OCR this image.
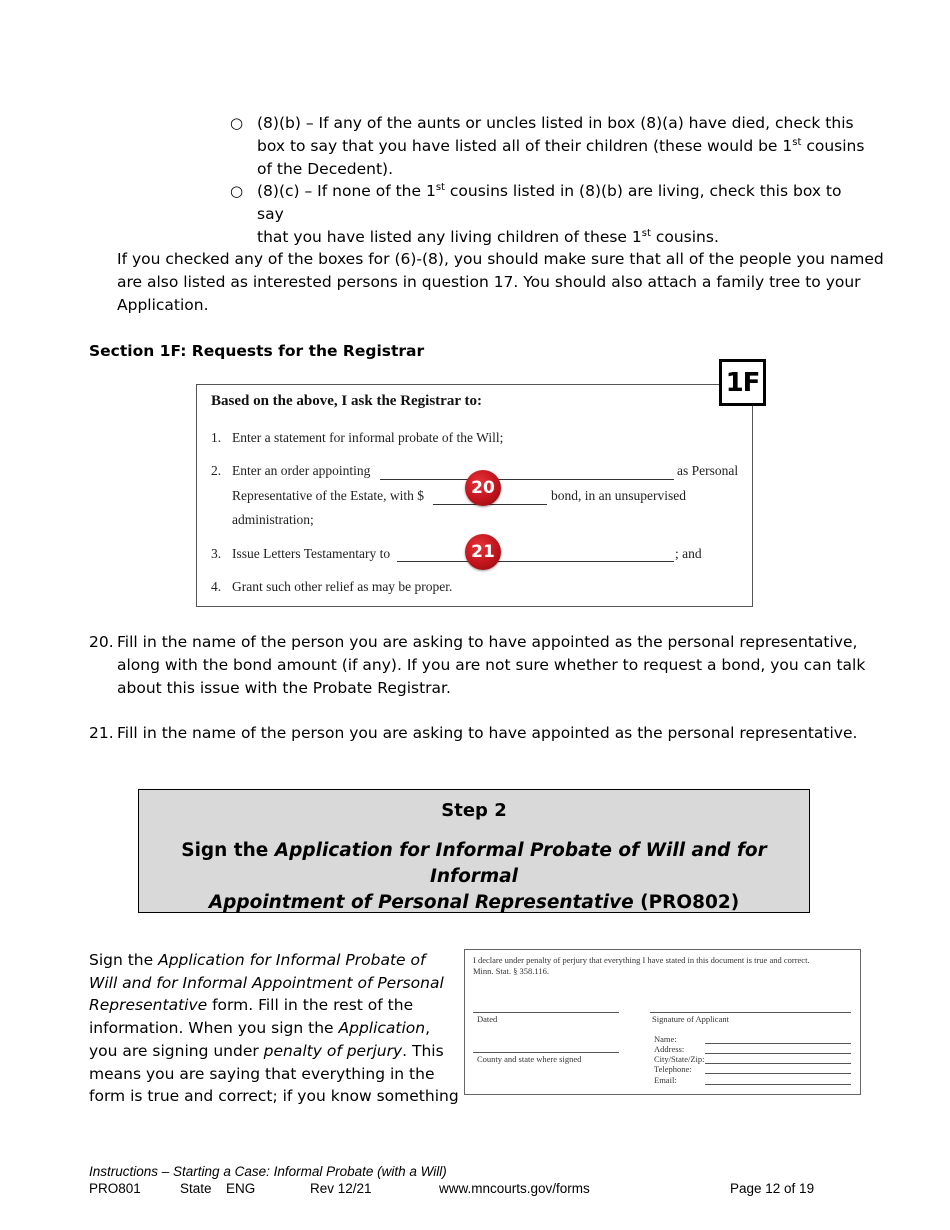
○ (8)(b) – If any of the aunts or uncles listed in box (8)(a) have died, check this
box to say that you have listed all of their children (these would be 1st cousins
of the Decedent).
○ (8)(c) – If none of the 1st cousins listed in (8)(b) are living, check this box to say
that you have listed any living children of these 1st cousins.
If you checked any of the boxes for (6)-(8), you should make sure that all of the people you named
are also listed as interested persons in question 17. You should also attach a family tree to your
Application.
Section 1F: Requests for the Registrar
Based on the above, I ask the Registrar to:
1. Enter a statement for informal probate of the Will;
2. Enter an order appointing	as Personal
Representative of the Estate, with $	bond, in an unsupervised
administration;
3. Issue Letters Testamentary to	; and
4. Grant such other relief as may be proper.
1F
20
21
20. Fill in the name of the person you are asking to have appointed as the personal representative,
along with the bond amount (if any). If you are not sure whether to request a bond, you can talk
about this issue with the Probate Registrar.
21. Fill in the name of the person you are asking to have appointed as the personal representative.
Step 2
Sign the Application for Informal Probate of Will and for Informal
Appointment of Personal Representative (PRO802)
Sign the Application for Informal Probate of
Will and for Informal Appointment of Personal
Representative form. Fill in the rest of the
information. When you sign the Application,
you are signing under penalty of perjury. This
means you are saying that everything in the
form is true and correct; if you know something
I declare under penalty of perjury that everything I have stated in this document is true and correct.
Minn. Stat. § 358.116.
Dated	Signature of Applicant
County and state where signed
Name:
Address:
City/State/Zip:
Telephone:
Email:
Instructions – Starting a Case: Informal Probate (with a Will)
PRO801	State ENG	Rev 12/21	www.mncourts.gov/forms	Page 12 of 19
